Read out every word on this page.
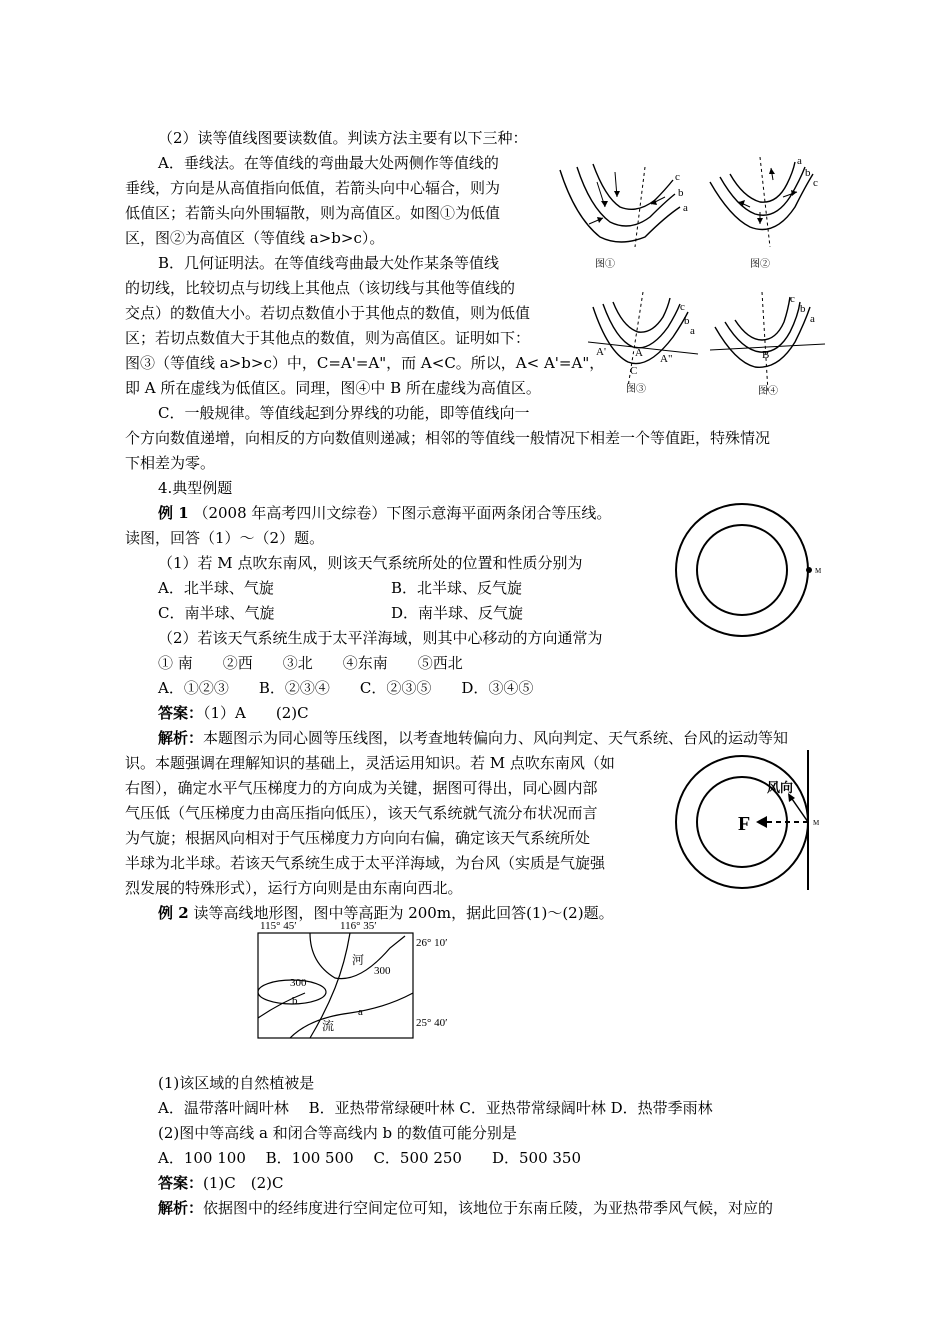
（2）读等值线图要读数值。判读方法主要有以下三种：
A．垂线法。在等值线的弯曲最大处两侧作等值线的
垂线，方向是从高值指向低值，若箭头向中心辐合，则为
低值区；若箭头向外围辐散，则为高值区。如图①为低值
区，图②为高值区（等值线 a>b>c）。
B．几何证明法。在等值线弯曲最大处作某条等值线
的切线，比较切点与切线上其他点（该切线与其他等值线的
交点）的数值大小。若切点数值小于其他点的数值，则为低值
区；若切点数值大于其他点的数值，则为高值区。证明如下：
图③（等值线 a>b>c）中，C=A'=A"，而 A<C。所以，A< A'=A"，
即 A 所在虚线为低值区。同理，图④中 B 所在虚线为高值区。
C．一般规律。等值线起到分界线的功能，即等值线向一
个方向数值递增，向相反的方向数值则递减；相邻的等值线一般情况下相差一个等值距，特殊情况
下相差为零。
4.典型例题
例 1 （2008 年高考四川文综卷）下图示意海平面两条闭合等压线。
读图，回答（1）～（2）题。
（1）若 M 点吹东南风，则该天气系统所处的位置和性质分别为
A．北半球、气旋	B．北半球、反气旋
C．南半球、气旋	D．南半球、反气旋
（2）若该天气系统生成于太平洋海域，则其中心移动的方向通常为
① 南　　②西　　③北　　④东南　　⑤西北
A．①②③　　B．②③④　　C．②③⑤　　D．③④⑤
答案：（1）A　　(2)C
解析：本题图示为同心圆等压线图，以考查地转偏向力、风向判定、天气系统、台风的运动等知
识。本题强调在理解知识的基础上，灵活运用知识。若 M 点吹东南风（如
右图），确定水平气压梯度力的方向成为关键，据图可得出，同心圆内部
气压低（气压梯度力由高压指向低压），该天气系统就气流分布状况而言
为气旋；根据风向相对于气压梯度力方向向右偏，确定该天气系统所处
半球为北半球。若该天气系统生成于太平洋海域，为台风（实质是气旋强
烈发展的特殊形式），运行方向则是由东南向西北。
例 2 读等高线地形图，图中等高距为 200m，据此回答(1)～(2)题。
(1)该区域的自然植被是
A．温带落叶阔叶林　 B．亚热带常绿硬叶林 C．亚热带常绿阔叶林 D．热带季雨林
(2)图中等高线 a 和闭合等高线内 b 的数值可能分别是
A．100 100　 B．100 500　 C．500 250　　D．500 350
答案：(1)C　(2)C
解析：依据图中的经纬度进行空间定位可知，该地位于东南丘陵，为亚热带季风气候，对应的
c
b
a
图①
a
b
c
图②
c
b
a
A'	A A"
C
图③
c
b
a
B
图④
M
风向
F	M
115° 45′	116° 35′
26° 10′
25° 40′
河
300
300
b
a
流
